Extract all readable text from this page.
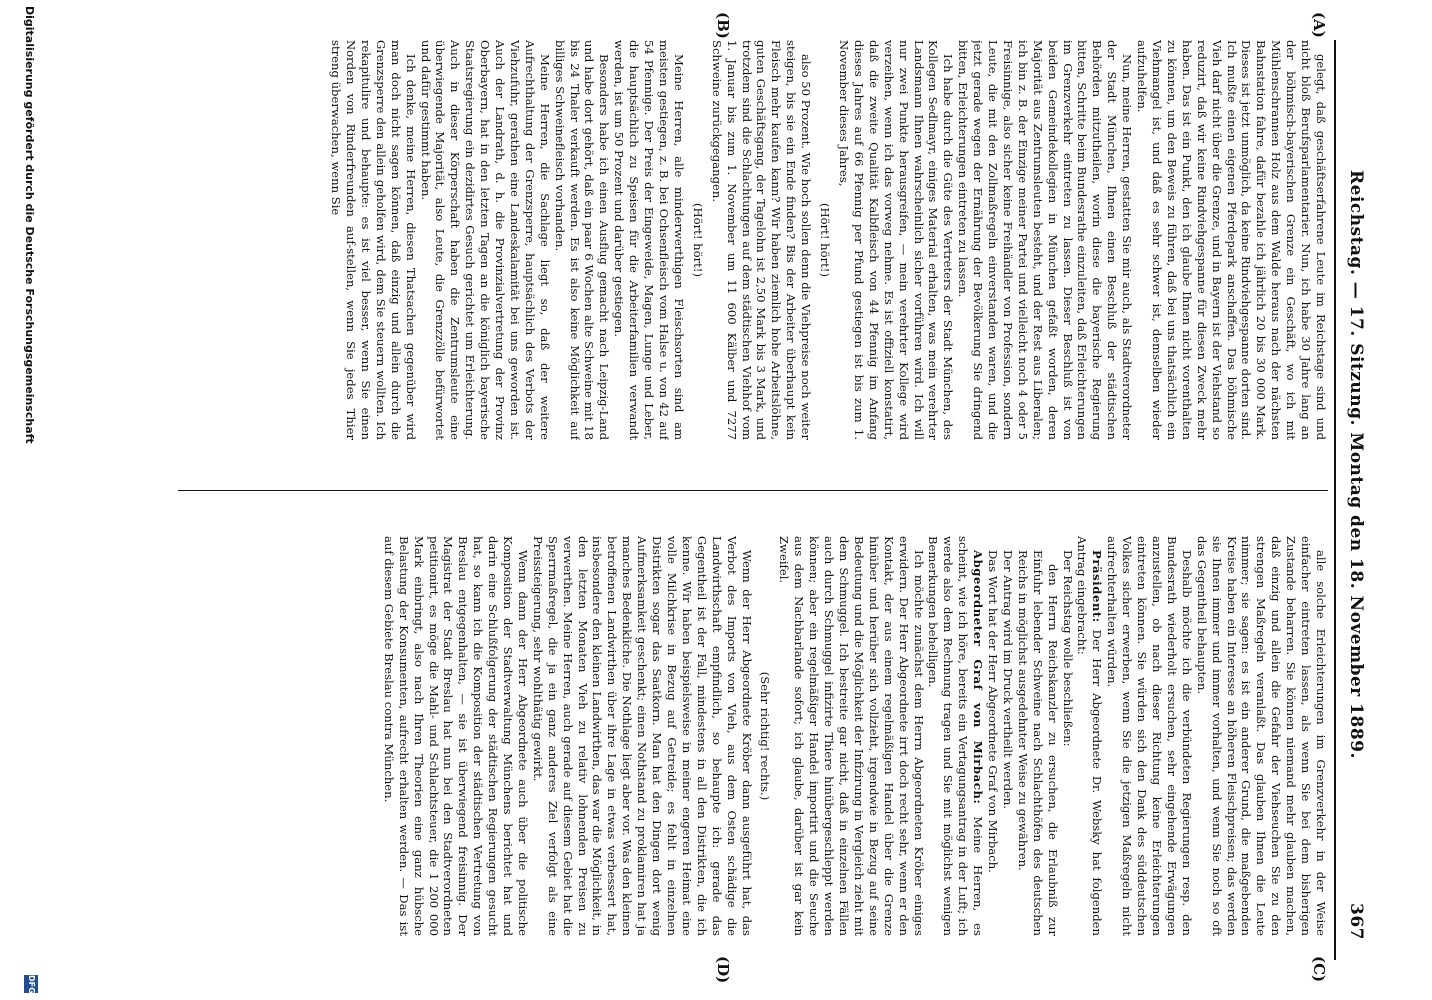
Reichstag. — 17. Sitzung. Montag den 18. November 1889.
367
(A)
(B)
(C)
(D)

gelegt, daß geschäftserfahrene Leute im Reichstage sind und nicht bloß Berufsparlamentarier. Nun, ich habe 30 Jahre lang an der böhmisch-bayerischen Grenze ein Geschäft, wo ich mit Mühlenschrannen Holz aus dem Walde heraus nach der nächsten Bahnstation fahre, dafür bezahle ich jährlich 20 bis 30 000 Mark. Dieses ist jetzt unmöglich, da keine Rindviehgespanne dorten sind. Ich mußte einen eigenen Pferdepark anschaffen. Das böhmische Vieh darf nicht über die Grenze, und in Bayern ist der Viehstand so reduzirt, daß wir keine Rindviehgespanne für diesen Zweck mehr haben. Das ist ein Punkt, den ich glaube Ihnen nicht vorenthalten zu können, um den Beweis zu führen, daß bei uns thatsächlich ein Viehmangel ist, und daß es sehr schwer ist, demselben wieder aufzuhelfen.

Nun, meine Herren, gestatten Sie mir auch, als Stadtverordneter der Stadt München, Ihnen einen Beschluß der städtischen Behörden mitzutheilen, worin diese die bayerische Regierung bitten, Schritte beim Bundesrathe einzuleiten, daß Erleichterungen im Grenzverkehr eintreten zu lassen. Dieser Beschluß ist von beiden Gemeindekollegien in München gefaßt worden, deren Majorität aus Zentrumsleuten besteht, und der Rest aus Liberalen; ich bin z. B. der Einzige meiner Partei und vielleicht noch 4 oder 5 Freisinnige, also sicher keine Freihändler von Profession, sondern Leute, die mit den Zollmaßregeln einverstanden waren, und die jetzt gerade wegen der Ernährung der Bevölkerung Sie dringend bitten, Erleichterungen eintreten zu lassen.

Ich habe durch die Güte des Vertreters der Stadt München, des Kollegen Sedlmayr, einiges Material erhalten, was mein verehrter Landsmann Ihnen wahrscheinlich sicher vorführen wird. Ich will nur zwei Punkte herausgreifen, — mein verehrter Kollege wird verzeihen, wenn ich das vorweg nehme. Es ist offiziell konstatirt, daß die zweite Qualität Kalbfleisch von 44 Pfennig im Anfang dieses Jahres auf 66 Pfennig per Pfund gestiegen ist bis zum 1. November dieses Jahres,

(Hört! hört!)

also 50 Prozent. Wie hoch sollen denn die Viehpreise noch weiter steigen, bis sie ein Ende finden? Bis der Arbeiter überhaupt kein Fleisch mehr kaufen kann? Wir haben ziemlich hohe Arbeitslöhne, guten Geschäftsgang, der Tagelohn ist 2,50 Mark bis 3 Mark, und trotzdem sind die Schlachtungen auf dem städtischen Viehhof vom 1. Januar bis zum 1. November um 11 600 Kälber und 7277 Schweine zurückgegangen.

(Hört! hört!)

Meine Herren, alle minderwerthigen Fleischsorten sind am meisten gestiegen, z. B. bei Ochsenfleisch vom Halse u. von 42 auf 54 Pfennige. Der Preis der Eingeweide, Magen, Lunge und Leber, die hauptsächlich zu Speisen für die Arbeiterfamilien verwandt werden, ist um 50 Prozent und darüber gestiegen.

Besonders habe ich einen Ausflug gemacht nach Leipzig-Land und habe dort gehört, daß ein paar 6 Wochen alte Schweine mit 18 bis 24 Thaler verkauft werden. Es ist also keine Möglichkeit auf billiges Schweinefleisch vorhanden.

Meine Herren, die Sachlage liegt so, daß der weitere Aufrechthaltung der Grenzsperre, hauptsächlich des Verbots der Viehzufuhr, gerathen eine Landeskalamität bei uns geworden ist. Auch der Landrath, d. h. die Provinzialvertretung der Provinz Oberbayern, hat in den letzten Tagen an die königlich bayerische Staatsregierung ein dezidirtes Gesuch gerichtet um Erleichterung. Auch in dieser Körperschaft haben die Zentrumsleute eine überwiegende Majorität, also Leute, die Grenzzölle befürwortet und dafür gestimmt haben.

Ich denke, meine Herren, diesen Thatsachen gegenüber wird man doch nicht sagen können, daß einzig und allein durch die Grenzsperre den allein geholfen wird, dem Sie steuern wollten. Ich rekapitulire und behaupte: es ist viel besser, wenn Sie einen Norden von Rinderfreunden auf-stellen, wenn Sie jedes Thier streng überwachen, wenn Sie

alle solche Erleichterungen im Grenzverkehr in der Weise einfacher eintreten lassen, als wenn Sie bei dem bisherigen Zustande beharren. Sie können niemand mehr glauben machen, daß einzig und allein die Gefahr der Viehseuchen Sie zu den strengen Maßregeln veranlaßt. Das glauben Ihnen die Leute nimmer; sie sagen: es ist ein anderer Grund, die maßgebenden Kreise haben ein Interesse an höheren Fleischpreisen; das werden sie Ihnen immer und immer vorhalten, und wenn Sie noch so oft das Gegentheil behaupten.

Deshalb möchte ich die verbündeten Regierungen resp. den Bundesrath wiederholt ersuchen, sehr eingehende Erwägungen anzustellen, ob nach dieser Richtung keine Erleichterungen eintreten können. Sie würden sich den Dank des süddeutschen Volkes sicher erwerben, wenn Sie die jetzigen Maßregeln nicht aufrechterhalten würden.

Präsident: Der Herr Abgeordnete Dr. Websky hat folgenden Antrag eingebracht:

Der Reichstag wolle beschließen:

den Herrn Reichskanzler zu ersuchen, die Erlaubniß zur Einfuhr lebender Schweine nach Schlachthöfen des deutschen Reichs in möglichst ausgedehnter Weise zu gewähren.

Der Antrag wird im Druck vertheilt werden.

Das Wort hat der Herr Abgeordnete Graf von Mirbach.

Abgeordneter Graf von Mirbach: Meine Herren, es scheint, wie ich höre, bereits ein Vertagungsantrag in der Luft; ich werde also dem Rechnung tragen und Sie mit möglichst wenigen Bemerkungen behelligen.

Ich möchte zunächst dem Herrn Abgeordneten Kröber einiges erwidern. Der Herr Abgeordnete irrt doch recht sehr, wenn er den Kontakt, der aus einem regelmäßigen Handel über die Grenze hinüber und herüber sich vollzieht, irgendwie in Bezug auf seine Bedeutung und die Möglichkeit der Infizirung in Vergleich zieht mit dem Schmuggel. Ich bestreite gar nicht, daß in einzelnen Fällen auch durch Schmuggel infizirte Thiere hinübergeschleppt werden können; aber ein regelmäßiger Handel importirt und die Seuche aus dem Nachbarlande sofort; ich glaube, darüber ist gar kein Zweifel.

(Sehr richtig! rechts.)

Wenn der Herr Abgeordnete Kröber dann ausgeführt hat, das Verbot des Imports von Vieh, aus dem Osten schädige die Landwirthschaft empfindlich, so behaupte ich: gerade das Gegentheil ist der Fall, mindestens in all den Distrikten, die ich kenne. Wir haben beispielsweise in meiner engeren Heimat eine volle Milchkrise in Bezug auf Getreide; es fehlt in einzelnen Distrikten sogar das Saatkorn. Man hat den Dingen dort wenig Aufmerksamkeit geschenkt; einen Nothstand zu proklamiren hat ja manches Bedenkliche. Die Nothlage liegt aber vor. Was den kleinen betroffenen Landwirthen über ihre Lage in etwas verbessert hat, insbesondere den kleinen Landwirthen, das war die Möglichkeit, in den letzten Monaten Vieh zu relativ lohnenden Preisen zu verwerthen. Meine Herren, auch gerade auf diesem Gebiet hat die Sperrmaßregel, die ja ein ganz anderes Ziel verfolgt als eine Preissteigerung, sehr wohlthätig gewirkt.

Wenn dann der Herr Abgeordnete auch über die politische Komposition der Stadtverwaltung Münchens berichtet hat und darin eine Schlußfolgerung der städtischen Regierungen gesucht hat, so kann ich die Komposition der städtischen Vertretung von Breslau entgegenhalten, — sie ist überwiegend freisinnig. Der Magistrat der Stadt Breslau hat nun bei den Stadtverordneten petitionirt, es möge die Mahl- und Schlachtsteuer, die 1 200 000 Mark einbringt, also nach Ihren Theorien eine ganz hübsche Belastung der Konsumenten, aufrecht erhalten werden. — Das ist auf diesem Gebiete Breslau contra München.

Digitalisierung gefördert durch die Deutsche Forschungsgemeinschaft
DFG
